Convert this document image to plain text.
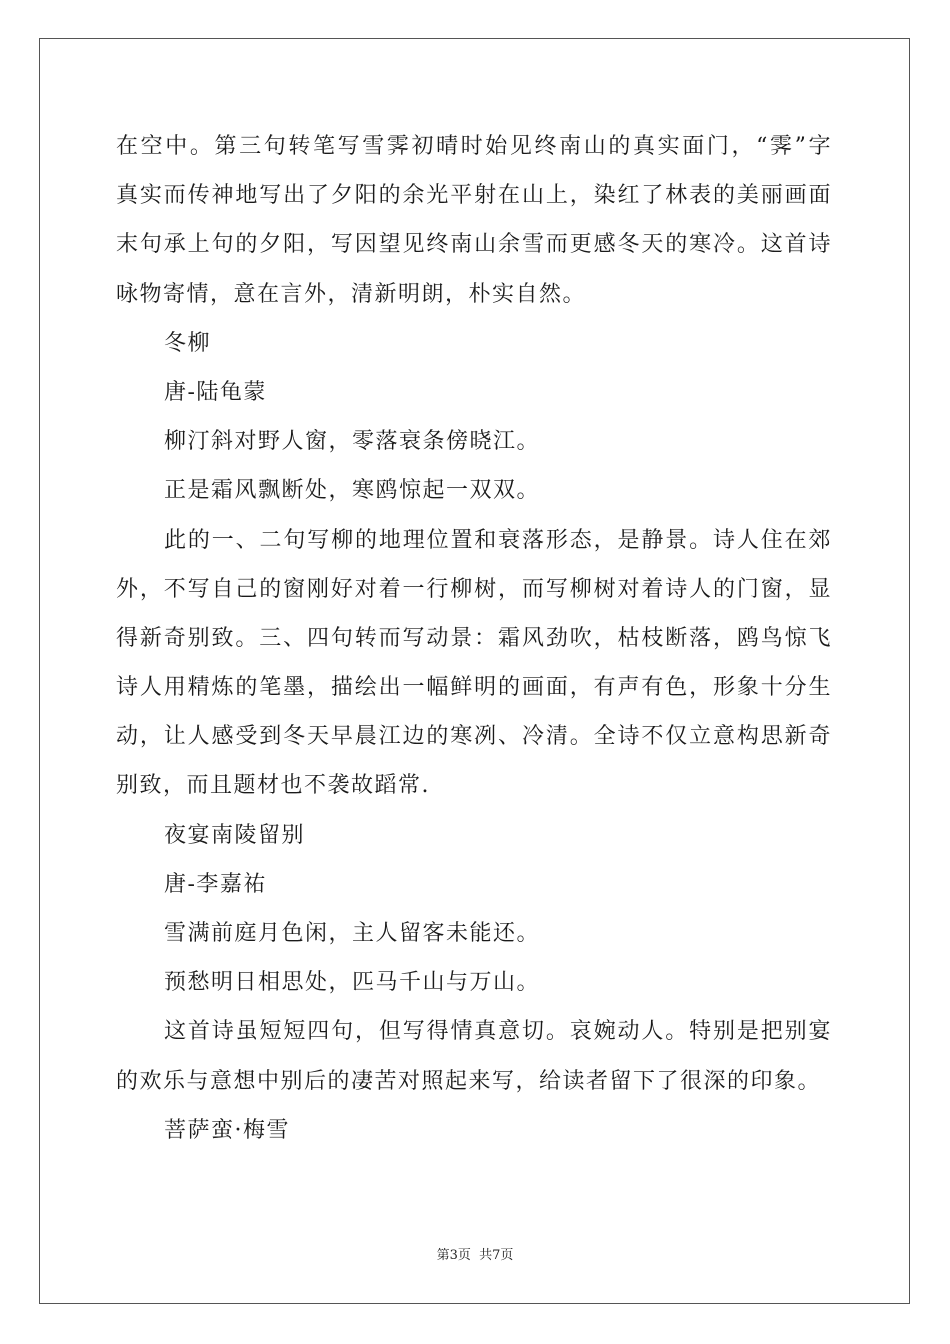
在空中。第三句转笔写雪霁初晴时始见终南山的真实面门，“霁”字
真实而传神地写出了夕阳的余光平射在山上，染红了林表的美丽画面
末句承上句的夕阳，写因望见终南山余雪而更感冬天的寒冷。这首诗
咏物寄情，意在言外，清新明朗，朴实自然。
冬柳
唐-陆龟蒙
柳汀斜对野人窗，零落衰条傍晓江。
正是霜风飘断处，寒鸥惊起一双双。
此的一、二句写柳的地理位置和衰落形态，是静景。诗人住在郊
外，不写自己的窗刚好对着一行柳树，而写柳树对着诗人的门窗，显
得新奇别致。三、四句转而写动景：霜风劲吹，枯枝断落，鸥鸟惊飞
诗人用精炼的笔墨，描绘出一幅鲜明的画面，有声有色，形象十分生
动，让人感受到冬天早晨江边的寒冽、冷清。全诗不仅立意构思新奇
别致，而且题材也不袭故蹈常.
夜宴南陵留别
唐-李嘉祐
雪满前庭月色闲，主人留客未能还。
预愁明日相思处，匹马千山与万山。
这首诗虽短短四句，但写得情真意切。哀婉动人。特别是把别宴
的欢乐与意想中别后的凄苦对照起来写，给读者留下了很深的印象。
菩萨蛮·梅雪
第3页 共7页
